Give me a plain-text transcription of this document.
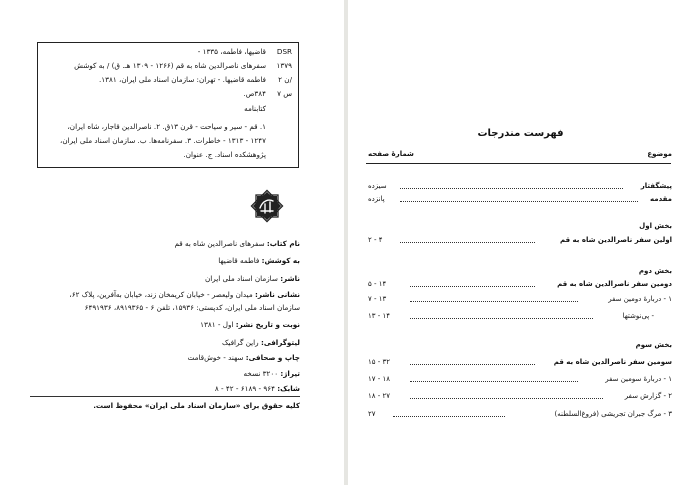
DSR
قاضیها، فاطمه، ۱۳۳۵ -
۱۳۷۹
سفرهای ناصرالدین شاه به قم (۱۲۶۶ - ۱۳۰۹ هـ. ق) / به کوشش
۲ ن/
فاطمه قاضیها. - تهران: سازمان اسناد ملی ایران، ۱۳۸۱.
۷ س
۳۸۴ص.
کتابنامه
۱. قم - سیر و سیاحت - قرن ۱۳ق. ۲. ناصرالدین قاجار، شاه ایران،
۱۲۴۷ - ۱۳۱۳ - خاطرات. ۳. سفرنامه‌ها. ب. سازمان اسناد ملی ایران،
پژوهشکده اسناد. ج. عنوان.
نام کتاب: سفرهای ناصرالدین شاه به قم
به کوشش: فاطمه قاضیها
ناشر: سازمان اسناد ملی ایران
نشانی ناشر: میدان ولیعصر - خیابان کریمخان زند، خیابان به‌آفرین، پلاک ۶۲،
سازمان اسناد ملی ایران، کدپستی: ۱۵۹۳۶، تلفن ۶ - ۸۹۱۹۳۶۵، ۶۴۹۱۹۳۶
نوبت و تاریخ نشر: اول - ۱۳۸۱
لیتوگرافی: راین گرافیک
چاپ و صحافی: سهند - خوش‌قامت
تیراژ: ۳۲۰۰ نسخه
شابک: ۹۶۴ - ۶۱۸۹ - ۴۲ - ۸
کلیه حقوق برای «سازمان اسناد ملی ایران» محفوظ است.
فهرست مندرجات
موضوع
شمارهٔ صفحه
پیشگفتار
سیزده
مقدمه
پانزده
بخش اول
اولین سفر ناصرالدین شاه به قم
۲ - ۴
بخش دوم
دومین سفر ناصرالدین شاه به قم
۵ - ۱۴
۱ - دربارهٔ دومین سفر
۷ - ۱۳
- پی‌نوشتها
۱۳ - ۱۴
بخش سوم
سومین سفر ناصرالدین شاه به قم
۱۵ - ۳۲
۱ - دربارهٔ سومین سفر
۱۷ - ۱۸
۲ - گزارش سفر
۱۸ - ۲۷
۳ - مرگ جبران تجریشی (فروغ‌السلطنه)
۲۷
